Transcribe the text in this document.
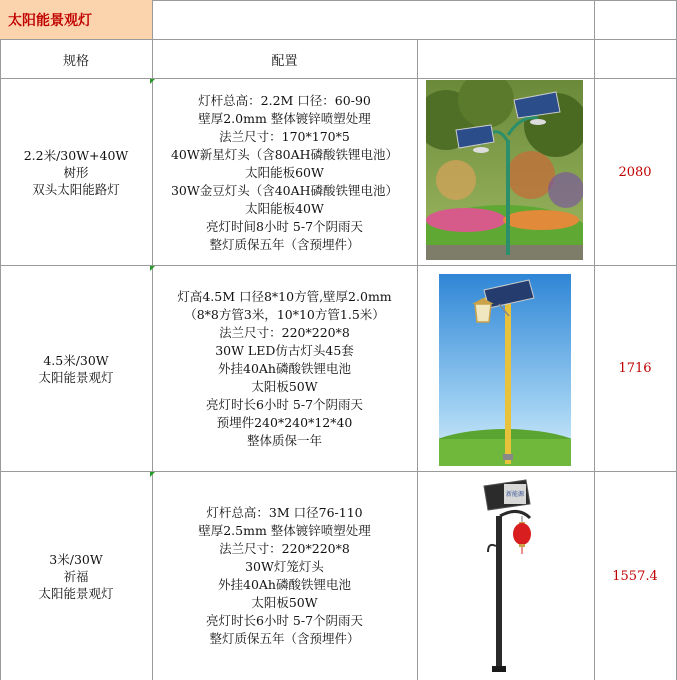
太阳能景观灯
规格	配置
2.2米/30W+40W
树形
双头太阳能路灯
灯杆总高：2.2M 口径：60-90
壁厚2.0mm 整体镀锌喷塑处理
法兰尺寸：170*170*5
40W新星灯头（含80AH磷酸铁锂电池）
太阳能板60W
30W金豆灯头（含40AH磷酸铁锂电池）
太阳能板40W
亮灯时间8小时 5-7个阴雨天
整灯质保五年（含预埋件）
2080
4.5米/30W
太阳能景观灯
灯高4.5M 口径8*10方管,壁厚2.0mm
（8*8方管3米，10*10方管1.5米）
法兰尺寸：220*220*8
30W LED仿古灯头45套
外挂40Ah磷酸铁锂电池
太阳板50W
亮灯时长6小时 5-7个阴雨天
预埋件240*240*12*40
整体质保一年
1716
3米/30W
祈福
太阳能景观灯
灯杆总高：3M 口径76-110
壁厚2.5mm 整体镀锌喷塑处理
法兰尺寸：220*220*8
30W灯笼灯头
外挂40Ah磷酸铁锂电池
太阳板50W
亮灯时长6小时 5-7个阴雨天
整灯质保五年（含预埋件）
新能源
1557.4
